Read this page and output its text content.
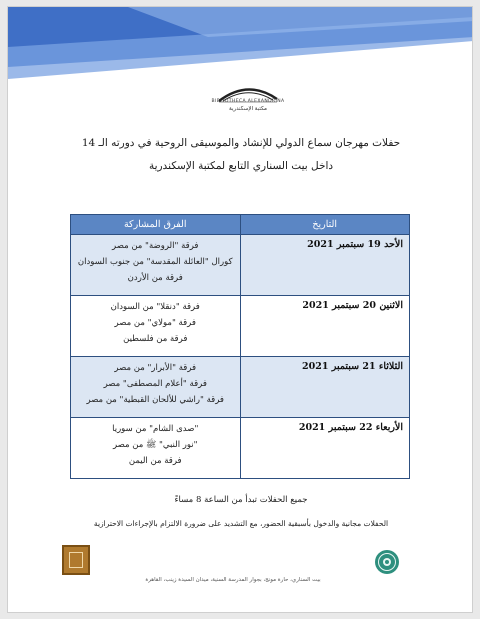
BIBLIOTHECA ALEXANDRINA
مكتبة الإسكندرية
حفلات مهرجان سماع الدولي للإنشاد والموسيقى الروحية في دورته الـ 14
داخل بيت السناري التابع لمكتبة الإسكندرية
التاريخ	الفرق المشاركة
الأحد 19 سبتمبر 2021	فرقة "الروضة" من مصر
كورال "العائلة المقدسة" من جنوب السودان
فرقة من الأردن

الاثنين 20 سبتمبر 2021	فرقة "دنقلا" من السودان
فرقة "مولاي" من مصر
فرقة من فلسطين

الثلاثاء 21 سبتمبر 2021	فرقة "الأبرار" من مصر
فرقة "أعلام المصطفى" مصر
فرقة "راشي للألحان القبطية" من مصر

الأربعاء 22 سبتمبر 2021	"صدى الشام" من سوريا
"نور النبي" ﷺ من مصر
فرقة من اليمن
جميع الحفلات تبدأ من الساعة 8 مساءً
الحفلات مجانية والدخول بأسبقية الحضور، مع التشديد على ضرورة الالتزام بالإجراءات الاحترازية
بيت السناري، حارة مونج، بجوار المدرسة السنية، ميدان السيدة زينب، القاهرة
